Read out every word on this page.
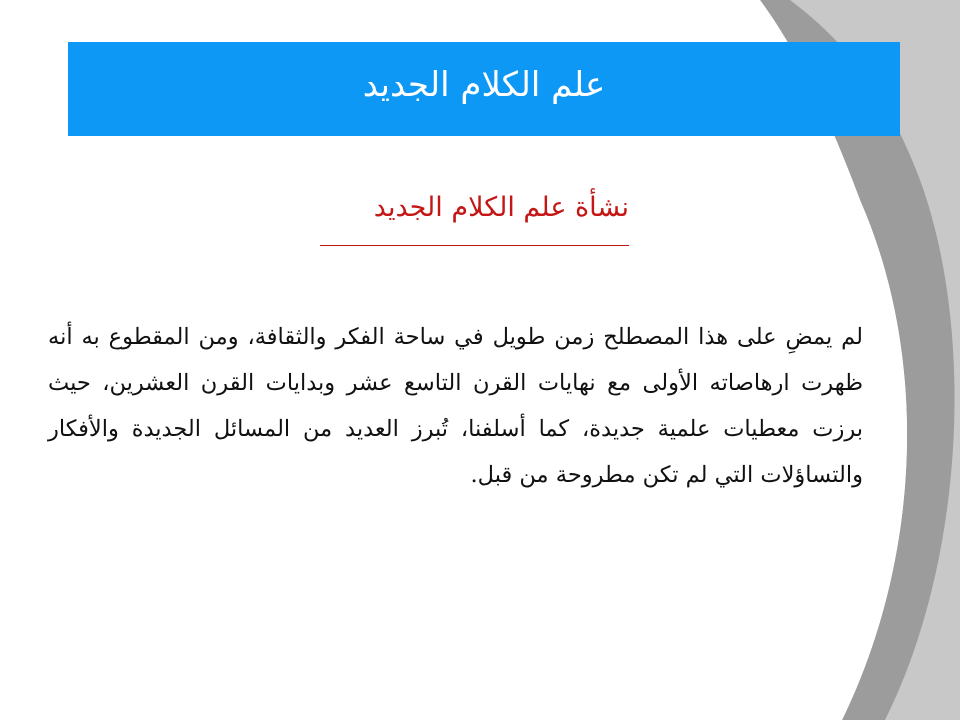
علم الكلام الجديد
نشأة علم الكلام الجديد

لم يمضِ على هذا المصطلح زمن طويل في ساحة الفكر والثقافة، ومن المقطوع به أنه ظهرت ارهاصاته الأولى مع نهايات القرن التاسع عشر وبدايات القرن العشرين، حيث برزت معطيات علمية جديدة، كما أسلفنا، تُبرز العديد من المسائل الجديدة والأفكار والتساؤلات التي لم تكن مطروحة من قبل.
